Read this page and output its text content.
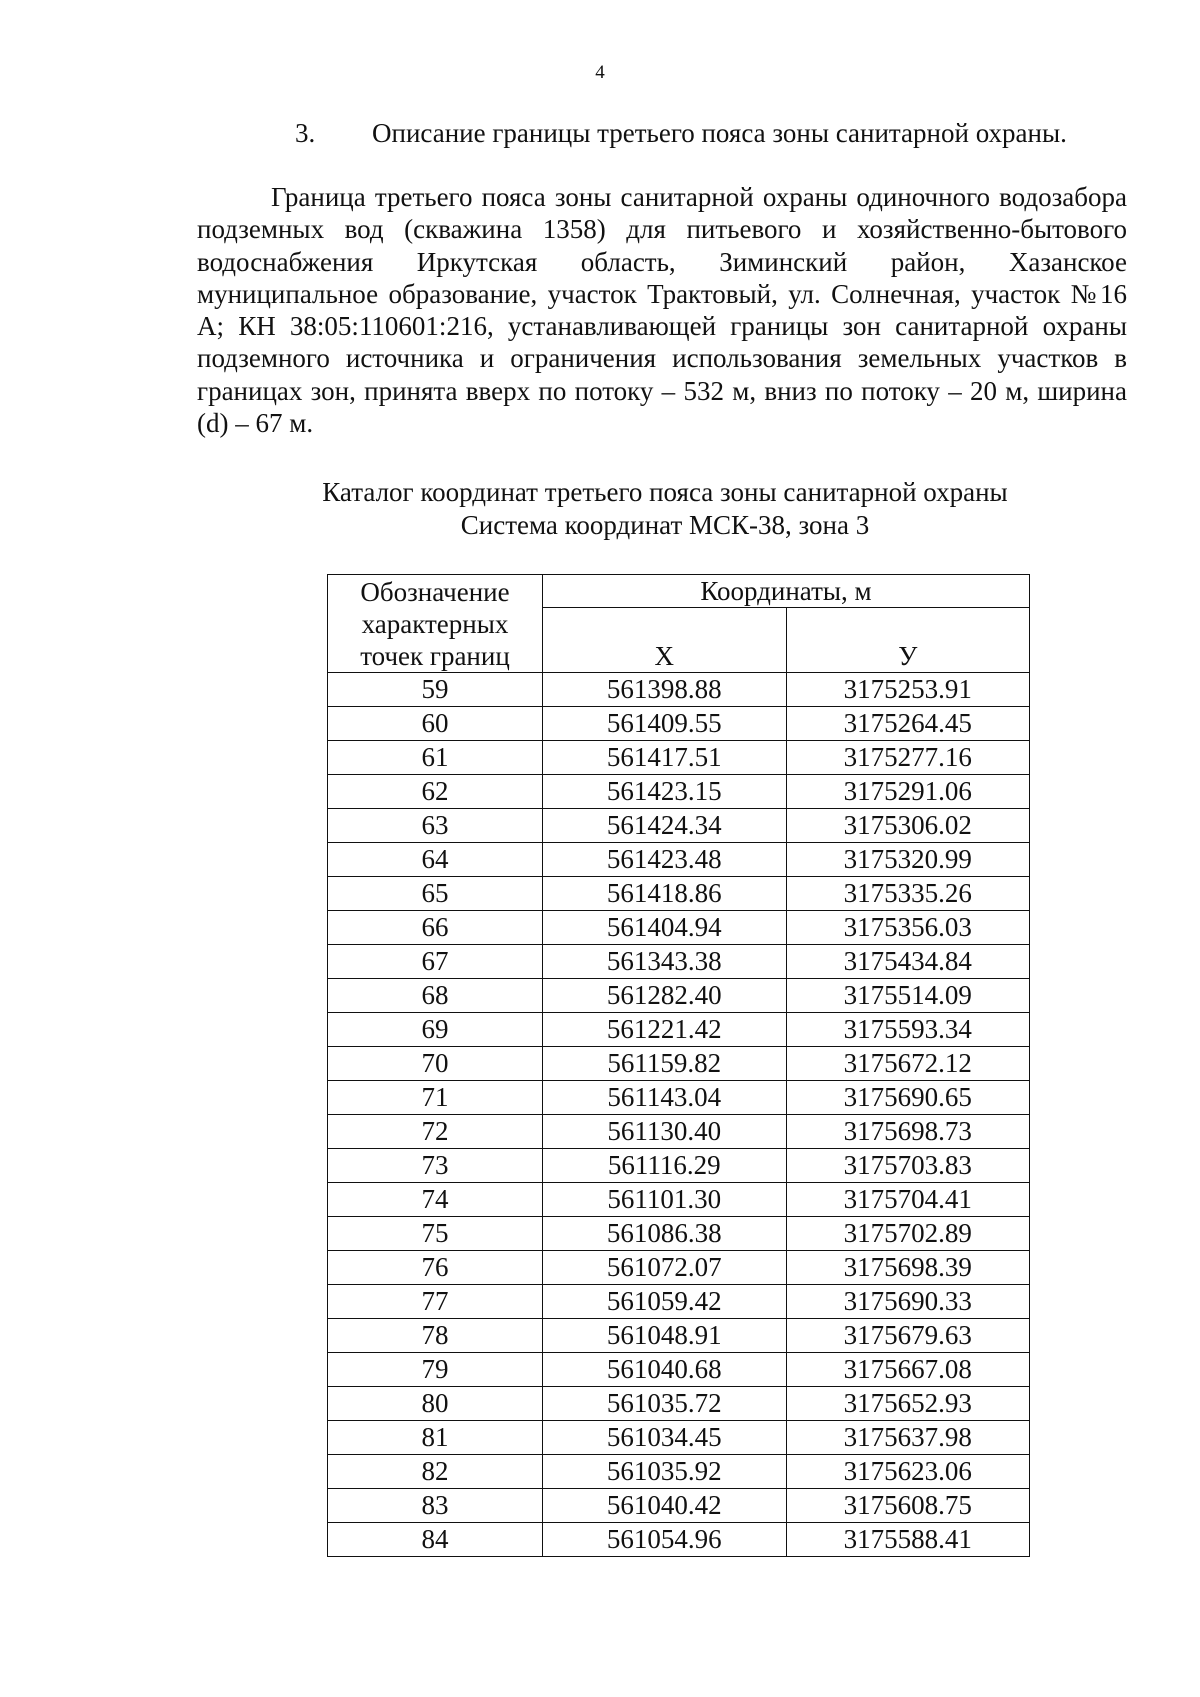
4
3. Описание границы третьего пояса зоны санитарной охраны.

Граница третьего пояса зоны санитарной охраны одиночного водозабора подземных вод (скважина 1358) для питьевого и хозяйственно-бытового водоснабжения Иркутская область, Зиминский район, Хазанское муниципальное образование, участок Трактовый, ул. Солнечная, участок №16 А; КН 38:05:110601:216, устанавливающей границы зон санитарной охраны подземного источника и ограничения использования земельных участков в границах зон, принята вверх по потоку – 532 м, вниз по потоку – 20 м, ширина (d) – 67 м.

Каталог координат третьего пояса зоны санитарной охраны
Система координат МСК-38, зона 3
Обозначение характерных точек границ	Координаты, м	
	Х	У
59	561398.88	3175253.91
60	561409.55	3175264.45
61	561417.51	3175277.16
62	561423.15	3175291.06
63	561424.34	3175306.02
64	561423.48	3175320.99
65	561418.86	3175335.26
66	561404.94	3175356.03
67	561343.38	3175434.84
68	561282.40	3175514.09
69	561221.42	3175593.34
70	561159.82	3175672.12
71	561143.04	3175690.65
72	561130.40	3175698.73
73	561116.29	3175703.83
74	561101.30	3175704.41
75	561086.38	3175702.89
76	561072.07	3175698.39
77	561059.42	3175690.33
78	561048.91	3175679.63
79	561040.68	3175667.08
80	561035.72	3175652.93
81	561034.45	3175637.98
82	561035.92	3175623.06
83	561040.42	3175608.75
84	561054.96	3175588.41
